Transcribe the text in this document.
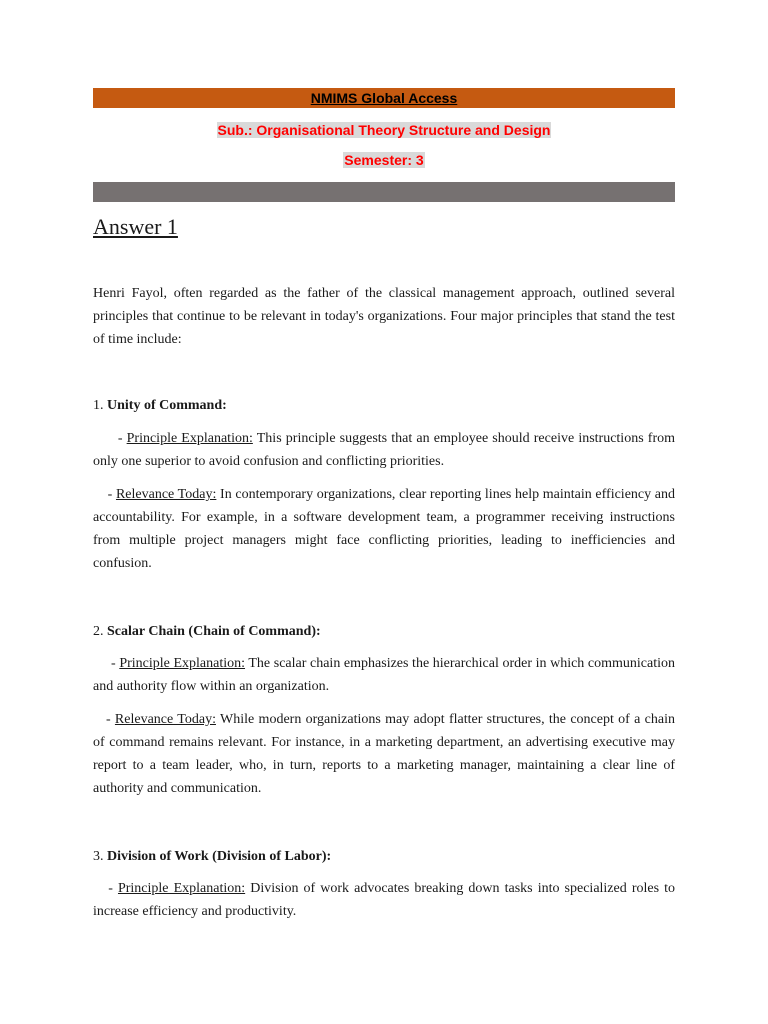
NMIMS Global Access
Sub.: Organisational Theory Structure and Design
Semester: 3
Answer 1
Henri Fayol, often regarded as the father of the classical management approach, outlined several principles that continue to be relevant in today's organizations. Four major principles that stand the test of time include:
1. Unity of Command:
- Principle Explanation: This principle suggests that an employee should receive instructions from only one superior to avoid confusion and conflicting priorities.
- Relevance Today: In contemporary organizations, clear reporting lines help maintain efficiency and accountability. For example, in a software development team, a programmer receiving instructions from multiple project managers might face conflicting priorities, leading to inefficiencies and confusion.
2. Scalar Chain (Chain of Command):
- Principle Explanation: The scalar chain emphasizes the hierarchical order in which communication and authority flow within an organization.
- Relevance Today: While modern organizations may adopt flatter structures, the concept of a chain of command remains relevant. For instance, in a marketing department, an advertising executive may report to a team leader, who, in turn, reports to a marketing manager, maintaining a clear line of authority and communication.
3. Division of Work (Division of Labor):
- Principle Explanation: Division of work advocates breaking down tasks into specialized roles to increase efficiency and productivity.
